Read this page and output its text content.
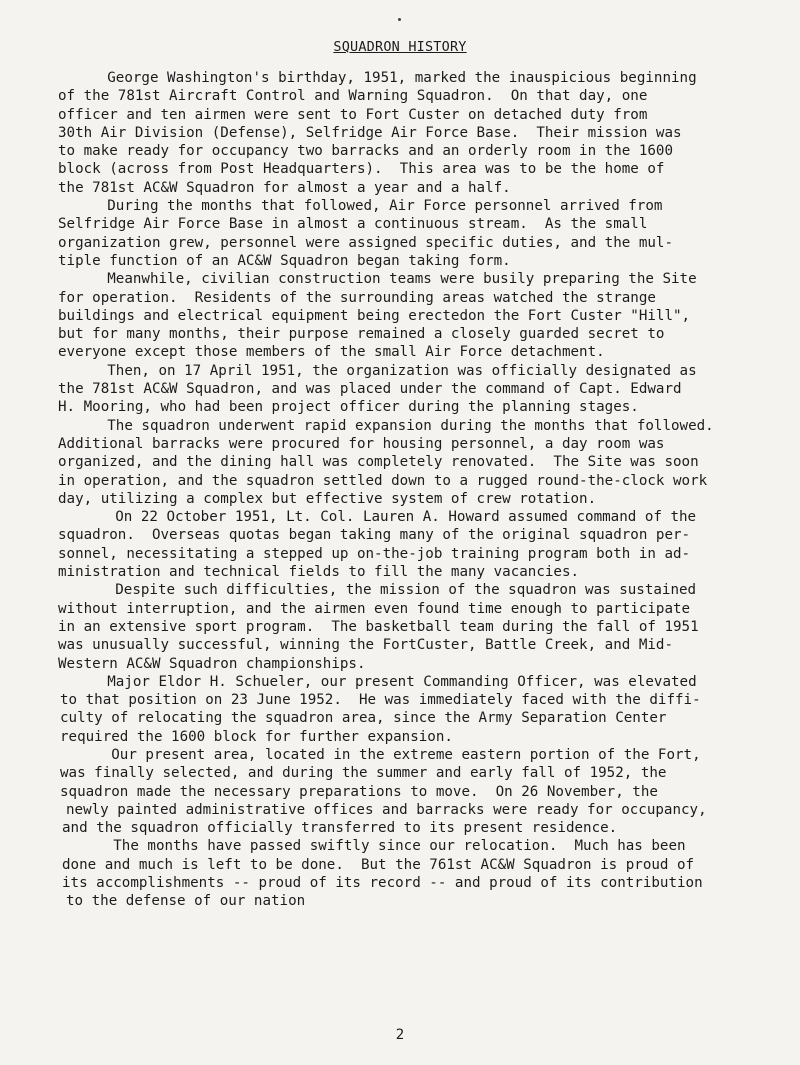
SQUADRON HISTORY
George Washington's birthday, 1951, marked the inauspicious beginning
of the 781st Aircraft Control and Warning Squadron.  On that day, one
officer and ten airmen were sent to Fort Custer on detached duty from
30th Air Division (Defense), Selfridge Air Force Base.  Their mission was
to make ready for occupancy two barracks and an orderly room in the 1600
block (across from Post Headquarters).  This area was to be the home of
the 781st AC&W Squadron for almost a year and a half.
During the months that followed, Air Force personnel arrived from
Selfridge Air Force Base in almost a continuous stream.  As the small
organization grew, personnel were assigned specific duties, and the mul-
tiple function of an AC&W Squadron began taking form.
Meanwhile, civilian construction teams were busily preparing the Site
for operation.  Residents of the surrounding areas watched the strange
buildings and electrical equipment being erectedon the Fort Custer "Hill",
but for many months, their purpose remained a closely guarded secret to
everyone except those members of the small Air Force detachment.
Then, on 17 April 1951, the organization was officially designated as
the 781st AC&W Squadron, and was placed under the command of Capt. Edward
H. Mooring, who had been project officer during the planning stages.
The squadron underwent rapid expansion during the months that followed.
Additional barracks were procured for housing personnel, a day room was
organized, and the dining hall was completely renovated.  The Site was soon
in operation, and the squadron settled down to a rugged round-the-clock work
day, utilizing a complex but effective system of crew rotation.
On 22 October 1951, Lt. Col. Lauren A. Howard assumed command of the
squadron.  Overseas quotas began taking many of the original squadron per-
sonnel, necessitating a stepped up on-the-job training program both in ad-
ministration and technical fields to fill the many vacancies.
Despite such difficulties, the mission of the squadron was sustained
without interruption, and the airmen even found time enough to participate
in an extensive sport program.  The basketball team during the fall of 1951
was unusually successful, winning the FortCuster, Battle Creek, and Mid-
Western AC&W Squadron championships.
Major Eldor H. Schueler, our present Commanding Officer, was elevated
to that position on 23 June 1952.  He was immediately faced with the diffi-
culty of relocating the squadron area, since the Army Separation Center
required the 1600 block for further expansion.
Our present area, located in the extreme eastern portion of the Fort,
was finally selected, and during the summer and early fall of 1952, the
squadron made the necessary preparations to move.  On 26 November, the
newly painted administrative offices and barracks were ready for occupancy,
and the squadron officially transferred to its present residence.
The months have passed swiftly since our relocation.  Much has been
done and much is left to be done.  But the 761st AC&W Squadron is proud of
its accomplishments -- proud of its record -- and proud of its contribution
to the defense of our nation
2
